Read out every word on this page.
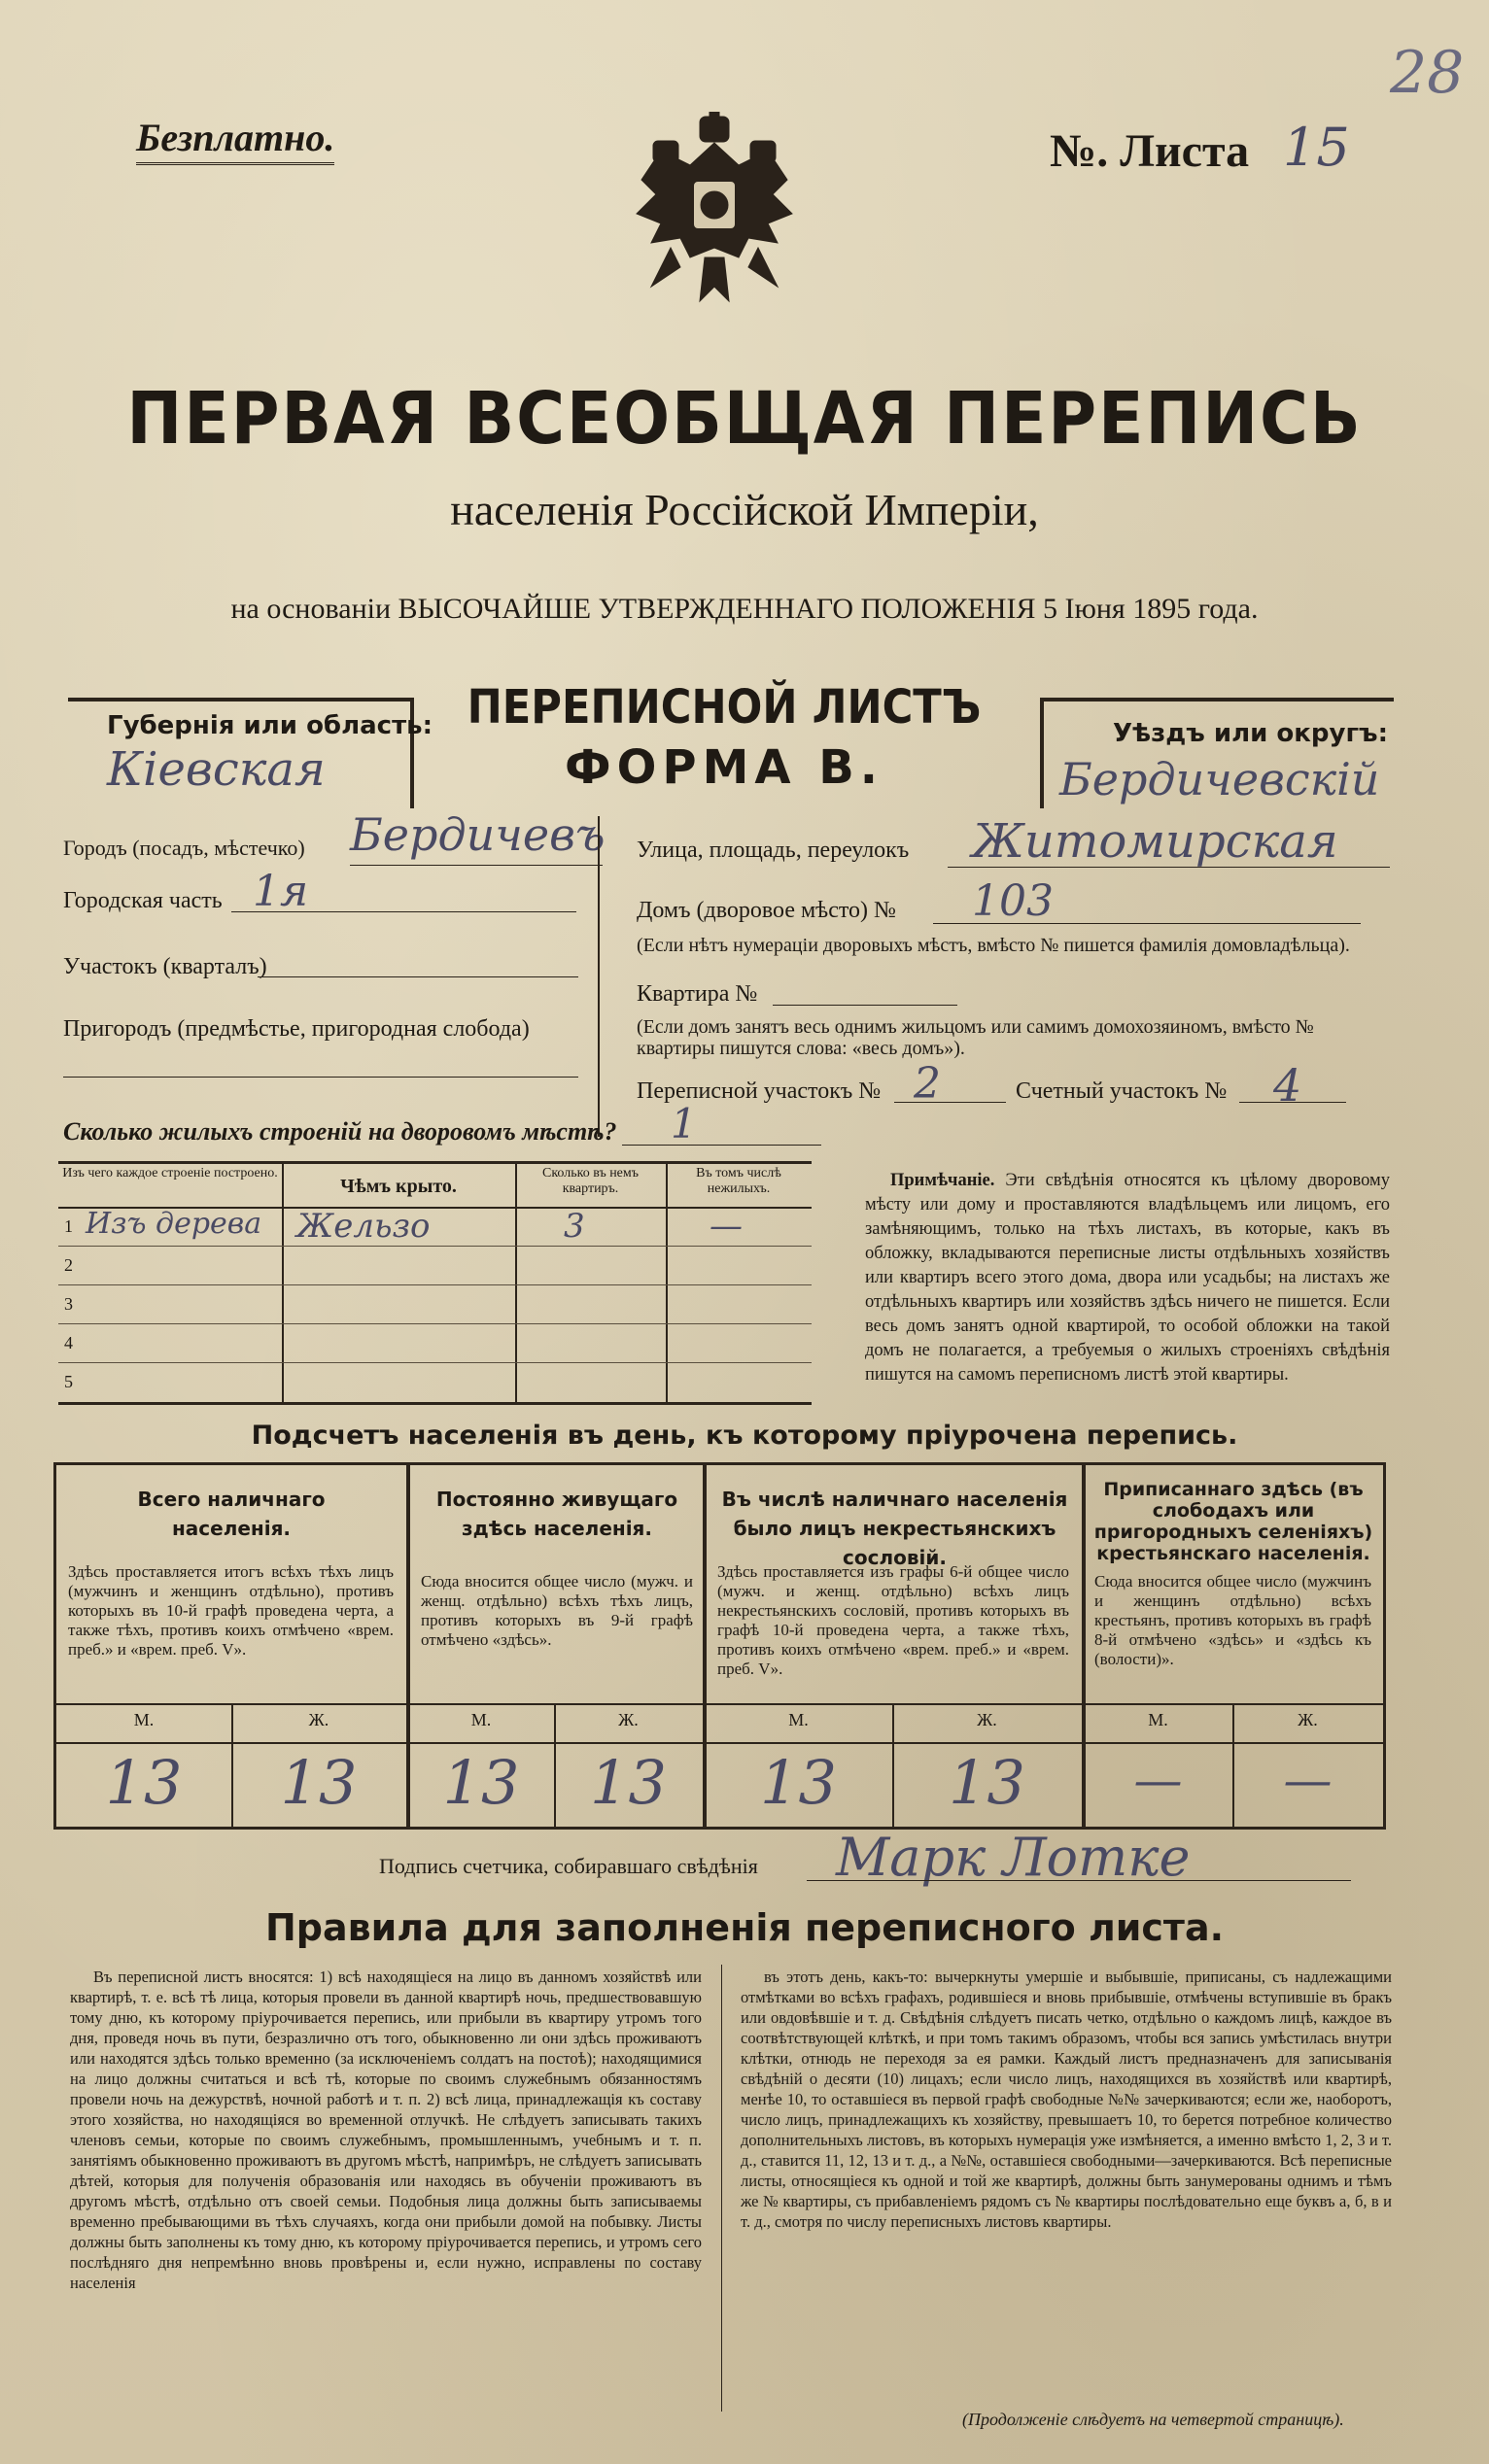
Безплатно.	№. Листа 15
28
ПЕРВАЯ ВСЕОБЩАЯ ПЕРЕПИСЬ
населенія Россійской Имперіи,
на основаніи ВЫСОЧАЙШЕ УТВЕРЖДЕННАГО ПОЛОЖЕНІЯ 5 Іюня 1895 года.
Губернія или область:
Кіевская
Уѣздъ или округъ:
Бердичевскій
ПЕРЕПИСНОЙ ЛИСТЪ
ФОРМА В.
Городъ (посадъ, мѣстечко) Бердичевъ
Городская часть 1я
Участокъ (кварталъ)
Пригородъ (предмѣстье, пригородная слобода)
Улица, площадь, переулокъ Житомирская
Домъ (дворовое мѣсто) № 103
(Если нѣтъ нумераціи дворовыхъ мѣстъ, вмѣсто № пишется фамилія домовладѣльца).
Квартира №
(Если домъ занятъ весь однимъ жильцомъ или самимъ домохозяиномъ, вмѣсто № квартиры пишутся слова: «весь домъ»).
Переписной участокъ № 2	Счетный участокъ № 4
Сколько жилыхъ строеній на дворовомъ мѣстѣ? 1
Изъ чего каждое строеніе построено.
Чѣмъ крыто.
Сколько въ немъ квартиръ.
Въ томъ числѣ нежилыхъ.
1 Изъ дерева Жельзо	3	—
2
3
4
5
Примѣчаніе. Эти свѣдѣнія относятся къ цѣлому дворовому мѣсту или дому и проставляются владѣльцемъ или лицомъ, его замѣняющимъ, только на тѣхъ листахъ, въ которые, какъ въ обложку, вкладываются переписные листы отдѣльныхъ хозяйствъ или квартиръ всего этого дома, двора или усадьбы; на листахъ же отдѣльныхъ квартиръ или хозяйствъ здѣсь ничего не пишется. Если весь домъ занятъ одной квартирой, то особой обложки на такой домъ не полагается, а требуемыя о жилыхъ строеніяхъ свѣдѣнія пишутся на самомъ переписномъ листѣ этой квартиры.
Подсчетъ населенія въ день, къ которому пріурочена перепись.
Всего наличнаго населенія.
Здѣсь проставляется итогъ всѣхъ тѣхъ лицъ (мужчинъ и женщинъ отдѣльно), противъ которыхъ въ 10-й графѣ проведена черта, а также тѣхъ, противъ коихъ отмѣчено «врем. преб.» и «врем. преб. V».
М.	Ж.
13	13
Постоянно живущаго здѣсь населенія.
Сюда вносится общее число (мужч. и женщ. отдѣльно) всѣхъ тѣхъ лицъ, противъ которыхъ въ 9-й графѣ отмѣчено «здѣсь».
М.	Ж.
13	13
Въ числѣ наличнаго населенія было лицъ некрестьянскихъ сословій.
Здѣсь проставляется изъ графы 6-й общее число (мужч. и женщ. отдѣльно) всѣхъ лицъ некрестьянскихъ сословій, противъ которыхъ въ графѣ 10-й проведена черта, а также тѣхъ, противъ коихъ отмѣчено «врем. преб.» и «врем. преб. V».
М.	Ж.
13	13
Приписаннаго здѣсь (въ слободахъ или пригородныхъ селеніяхъ) крестьянскаго населенія.
Сюда вносится общее число (мужчинъ и женщинъ отдѣльно) всѣхъ крестьянъ, противъ которыхъ въ графѣ 8-й отмѣчено «здѣсь» и «здѣсь къ (волости)».
М.	Ж.
—	—
Подпись счетчика, собиравшаго свѣдѣнія Марк Лотке
Правила для заполненія переписного листа.
Въ переписной листъ вносятся: 1) всѣ находящіеся на лицо въ данномъ хозяйствѣ или квартирѣ, т. е. всѣ тѣ лица, которыя провели въ данной квартирѣ ночь, предшествовавшую тому дню, къ которому пріурочивается перепись, или прибыли въ квартиру утромъ того дня, проведя ночь въ пути, безразлично отъ того, обыкновенно ли они здѣсь проживаютъ или находятся здѣсь только временно (за исключеніемъ солдатъ на постоѣ); находящимися на лицо должны считаться и всѣ тѣ, которые по своимъ служебнымъ обязанностямъ провели ночь на дежурствѣ, ночной работѣ и т. п. 2) всѣ лица, принадлежащія къ составу этого хозяйства, но находящіяся во временной отлучкѣ. Не слѣдуетъ записывать такихъ членовъ семьи, которые по своимъ служебнымъ, промышленнымъ, учебнымъ и т. п. занятіямъ обыкновенно проживаютъ въ другомъ мѣстѣ, напримѣръ, не слѣдуетъ записывать дѣтей, которыя для полученія образованія или находясь въ обученіи проживаютъ въ другомъ мѣстѣ, отдѣльно отъ своей семьи. Подобныя лица должны быть записываемы временно пребывающими въ тѣхъ случаяхъ, когда они прибыли домой на побывку. Листы должны быть заполнены къ тому дню, къ которому пріурочивается перепись, и утромъ сего послѣдняго дня непремѣнно вновь провѣрены и, если нужно, исправлены по составу населенія
въ этотъ день, какъ-то: вычеркнуты умершіе и выбывшіе, приписаны, съ надлежащими отмѣтками во всѣхъ графахъ, родившіеся и вновь прибывшіе, отмѣчены вступившіе въ бракъ или овдовѣвшіе и т. д. Свѣдѣнія слѣдуетъ писать четко, отдѣльно о каждомъ лицѣ, каждое въ соотвѣтствующей клѣткѣ, и при томъ такимъ образомъ, чтобы вся запись умѣстилась внутри клѣтки, отнюдь не переходя за ея рамки. Каждый листъ предназначенъ для записыванія свѣдѣній о десяти (10) лицахъ; если число лицъ, находящихся въ хозяйствѣ или квартирѣ, менѣе 10, то оставшіеся въ первой графѣ свободные №№ зачеркиваются; если же, наоборотъ, число лицъ, принадлежащихъ къ хозяйству, превышаетъ 10, то берется потребное количество дополнительныхъ листовъ, въ которыхъ нумерація уже измѣняется, а именно вмѣсто 1, 2, 3 и т. д., ставится 11, 12, 13 и т. д., а №№, оставшіеся свободными—зачеркиваются. Всѣ переписные листы, относящіеся къ одной и той же квартирѣ, должны быть занумерованы однимъ и тѣмъ же № квартиры, съ прибавленіемъ рядомъ съ № квартиры послѣдовательно еще буквъ а, б, в и т. д., смотря по числу переписныхъ листовъ квартиры.
(Продолженіе слѣдуетъ на четвертой страницѣ).
